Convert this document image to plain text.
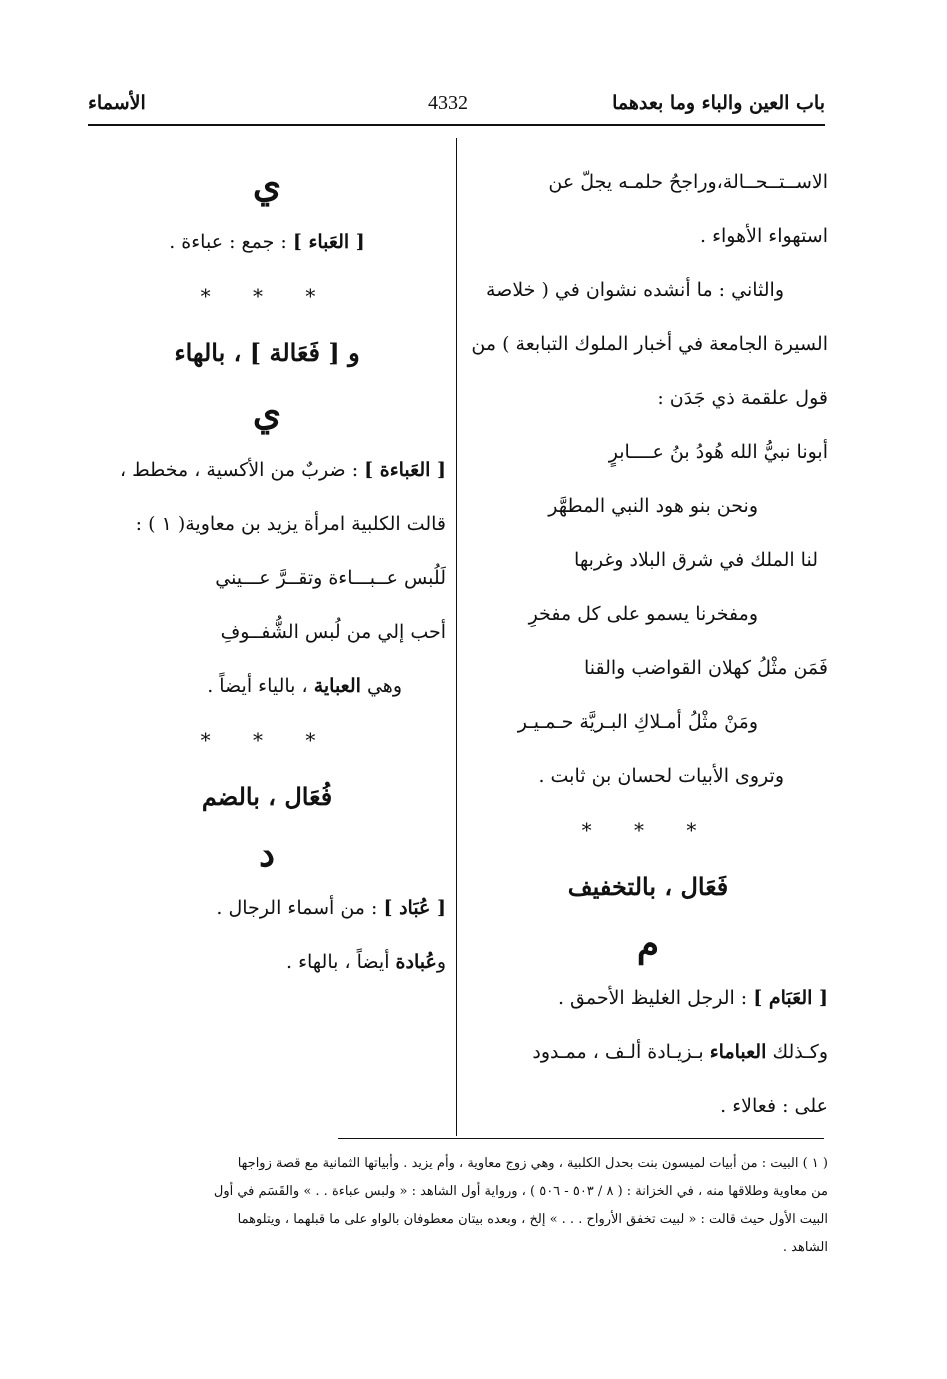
باب العين والباء وما بعدهما
4332
الأسماء
الاســتــحــالة،وراجحُ حلمـه يجلّ عن
استهواء الأهواء .
والثاني : ما أنشده نشوان في ( خلاصة
السيرة الجامعة في أخبار الملوك التبابعة ) من
قول علقمة ذي جَدَن :
أبونا نبيُّ الله هُودُ بنُ عــــابرٍ
ونحن بنو هود النبي المطهَّر
لنا الملك في شرق البلاد وغربها
ومفخرنا يسمو على كل مفخرِ
فَمَن مثْلُ كهلان القواضب والقنا
ومَنْ مثْلُ أمـلاكِ البـريَّة حـمـيـر
وتروى الأبيات لحسان بن ثابت .
* * *
فَعَال ، بالتخفيف
م
[ العَبَام ] : الرجل الغليظ الأحمق .
وكـذلك العباماء بـزيـادة ألـف ، ممـدود
على : فعالاء .
ي
[ العَباء ] : جمع : عباءة .
* * *
و [ فَعَالة ] ، بالهاء
ي
[ العَباءة ] : ضربٌ من الأكسية ، مخطط ،
قالت الكلبية امرأة يزيد بن معاوية( ١ ) :
لَلُبس عــبـــاءة وتقــرَّ عـــيني
أحب إلي من لُبس الشُّفــوفِ
وهي العباية ، بالياء أيضاً .
* * *
فُعَال ، بالضم
د
[ عُبَاد ] : من أسماء الرجال .
وعُبادة أيضاً ، بالهاء .
( ١ ) البيت : من أبيات لميسون بنت بحدل الكلبية ، وهي زوج معاوية ، وأم يزيد . وأبياتها الثمانية مع قصة زواجها
من معاوية وطلاقها منه ، في الخزانة : ( ٨ / ٥٠٣ - ٥٠٦ ) ، ورواية أول الشاهد : « ولبس عباءة . . » والقَسَم في أول
البيت الأول حيث قالت : « لبيت تخفق الأرواح . . . » إلخ ، وبعده بيتان معطوفان بالواو على ما قبلهما ، ويتلوهما
الشاهد .
